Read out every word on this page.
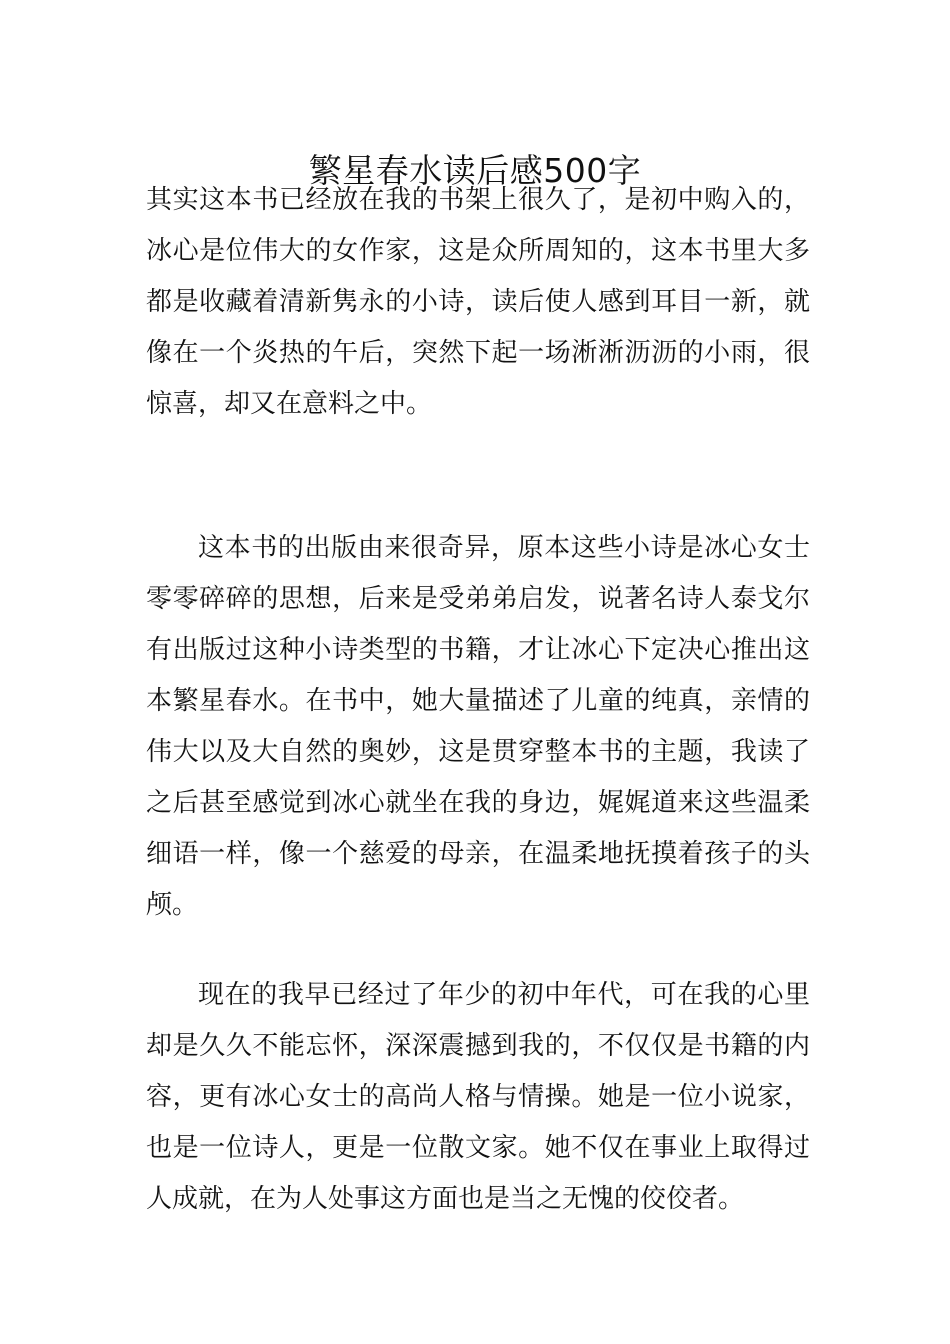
繁星春水读后感500字

其实这本书已经放在我的书架上很久了，是初中购入的，冰心是位伟大的女作家，这是众所周知的，这本书里大多都是收藏着清新隽永的小诗，读后使人感到耳目一新，就像在一个炎热的午后，突然下起一场淅淅沥沥的小雨，很惊喜，却又在意料之中。

这本书的出版由来很奇异，原本这些小诗是冰心女士零零碎碎的思想，后来是受弟弟启发，说著名诗人泰戈尔有出版过这种小诗类型的书籍，才让冰心下定决心推出这本繁星春水。在书中，她大量描述了儿童的纯真，亲情的伟大以及大自然的奥妙，这是贯穿整本书的主题，我读了之后甚至感觉到冰心就坐在我的身边，娓娓道来这些温柔细语一样，像一个慈爱的母亲，在温柔地抚摸着孩子的头颅。

现在的我早已经过了年少的初中年代，可在我的心里却是久久不能忘怀，深深震撼到我的，不仅仅是书籍的内容，更有冰心女士的高尚人格与情操。她是一位小说家，也是一位诗人，更是一位散文家。她不仅在事业上取得过人成就，在为人处事这方面也是当之无愧的佼佼者。
